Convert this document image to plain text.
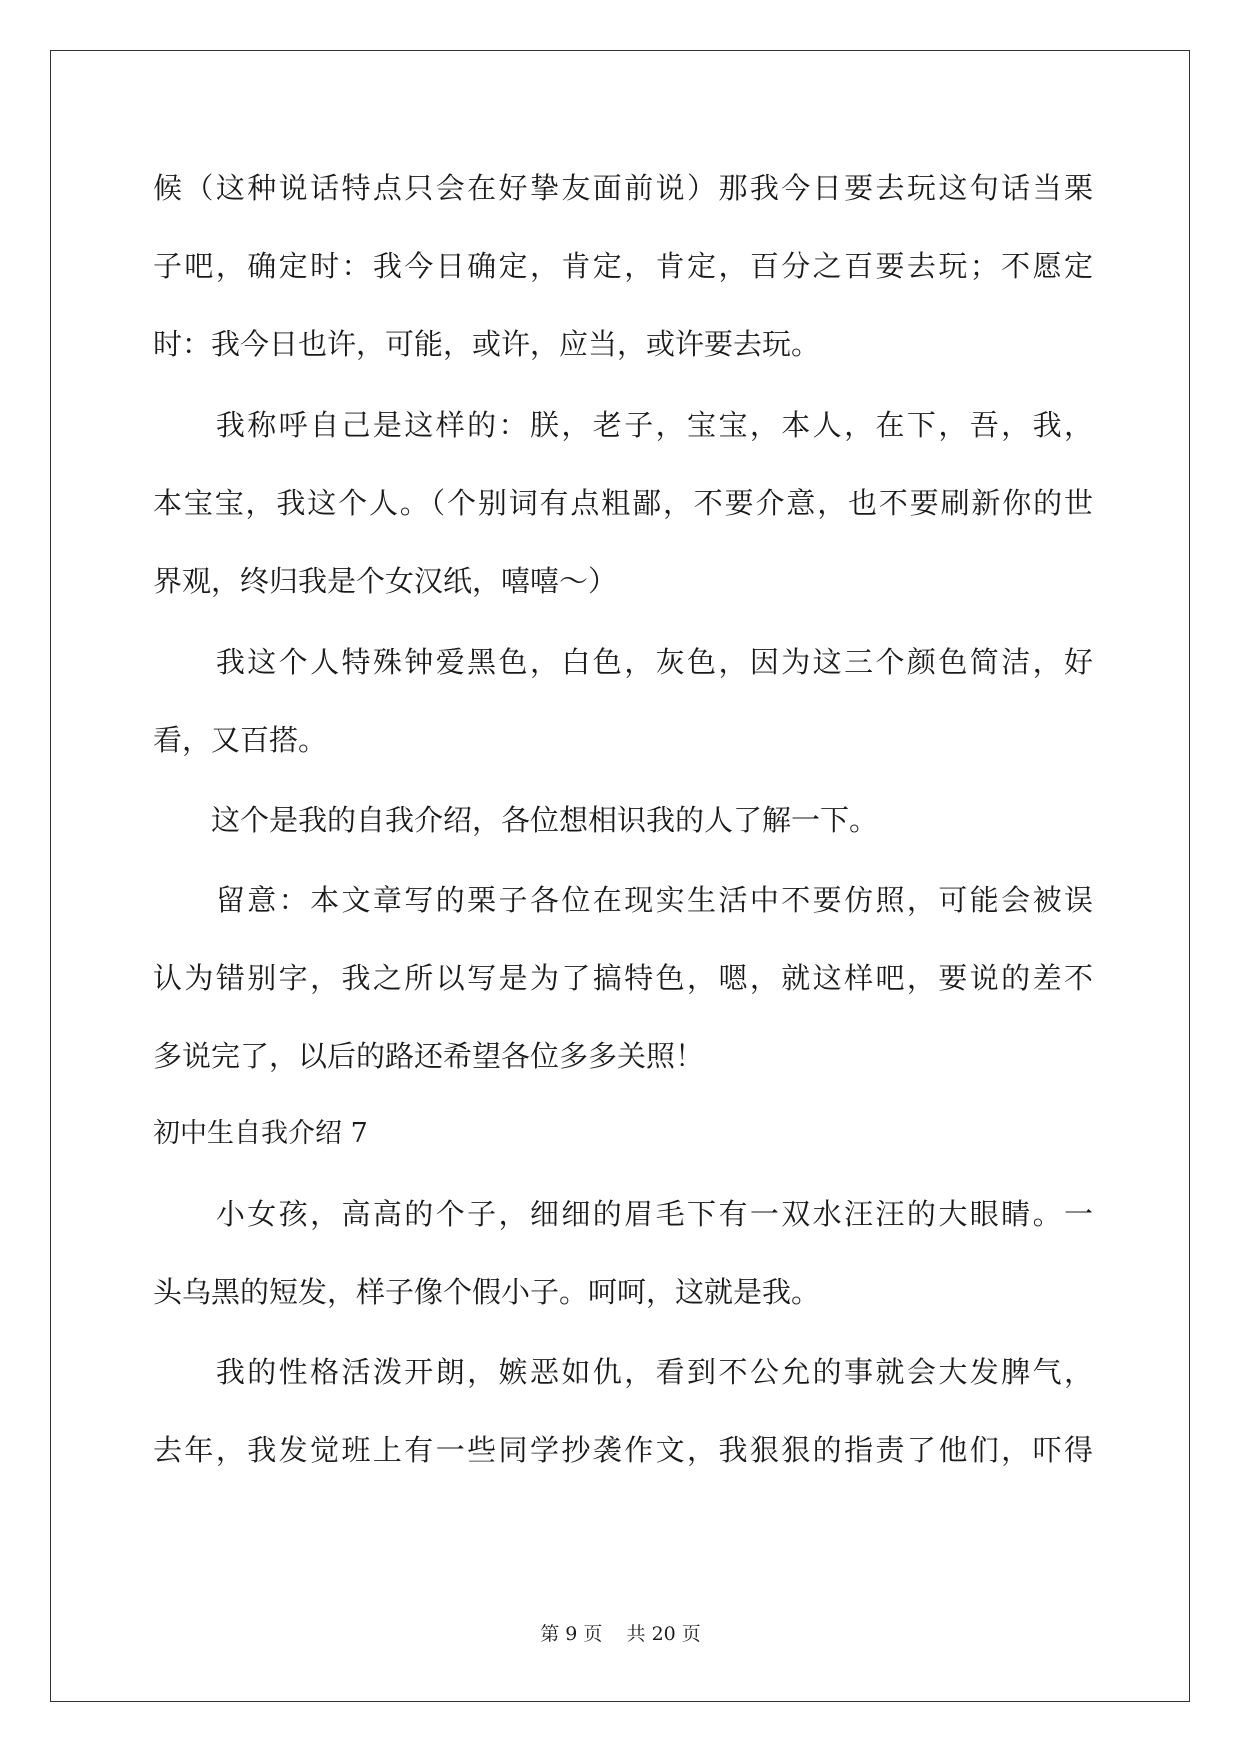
候（这种说话特点只会在好挚友面前说）那我今日要去玩这句话当栗
子吧，确定时：我今日确定，肯定，肯定，百分之百要去玩；不愿定
时：我今日也许，可能，或许，应当，或许要去玩。
　　我称呼自己是这样的：朕，老子，宝宝，本人，在下，吾，我，
本宝宝，我这个人。（个别词有点粗鄙，不要介意，也不要刷新你的世
界观，终归我是个女汉纸，嘻嘻～）
　　我这个人特殊钟爱黑色，白色，灰色，因为这三个颜色简洁，好
看，又百搭。
　　这个是我的自我介绍，各位想相识我的人了解一下。
　　留意：本文章写的栗子各位在现实生活中不要仿照，可能会被误
认为错别字，我之所以写是为了搞特色，嗯，就这样吧，要说的差不
多说完了，以后的路还希望各位多多关照！
初中生自我介绍 7
　　小女孩，高高的个子，细细的眉毛下有一双水汪汪的大眼睛。一
头乌黑的短发，样子像个假小子。呵呵，这就是我。
　　我的性格活泼开朗，嫉恶如仇，看到不公允的事就会大发脾气，
去年，我发觉班上有一些同学抄袭作文，我狠狠的指责了他们，吓得
第 9 页 共 20 页
